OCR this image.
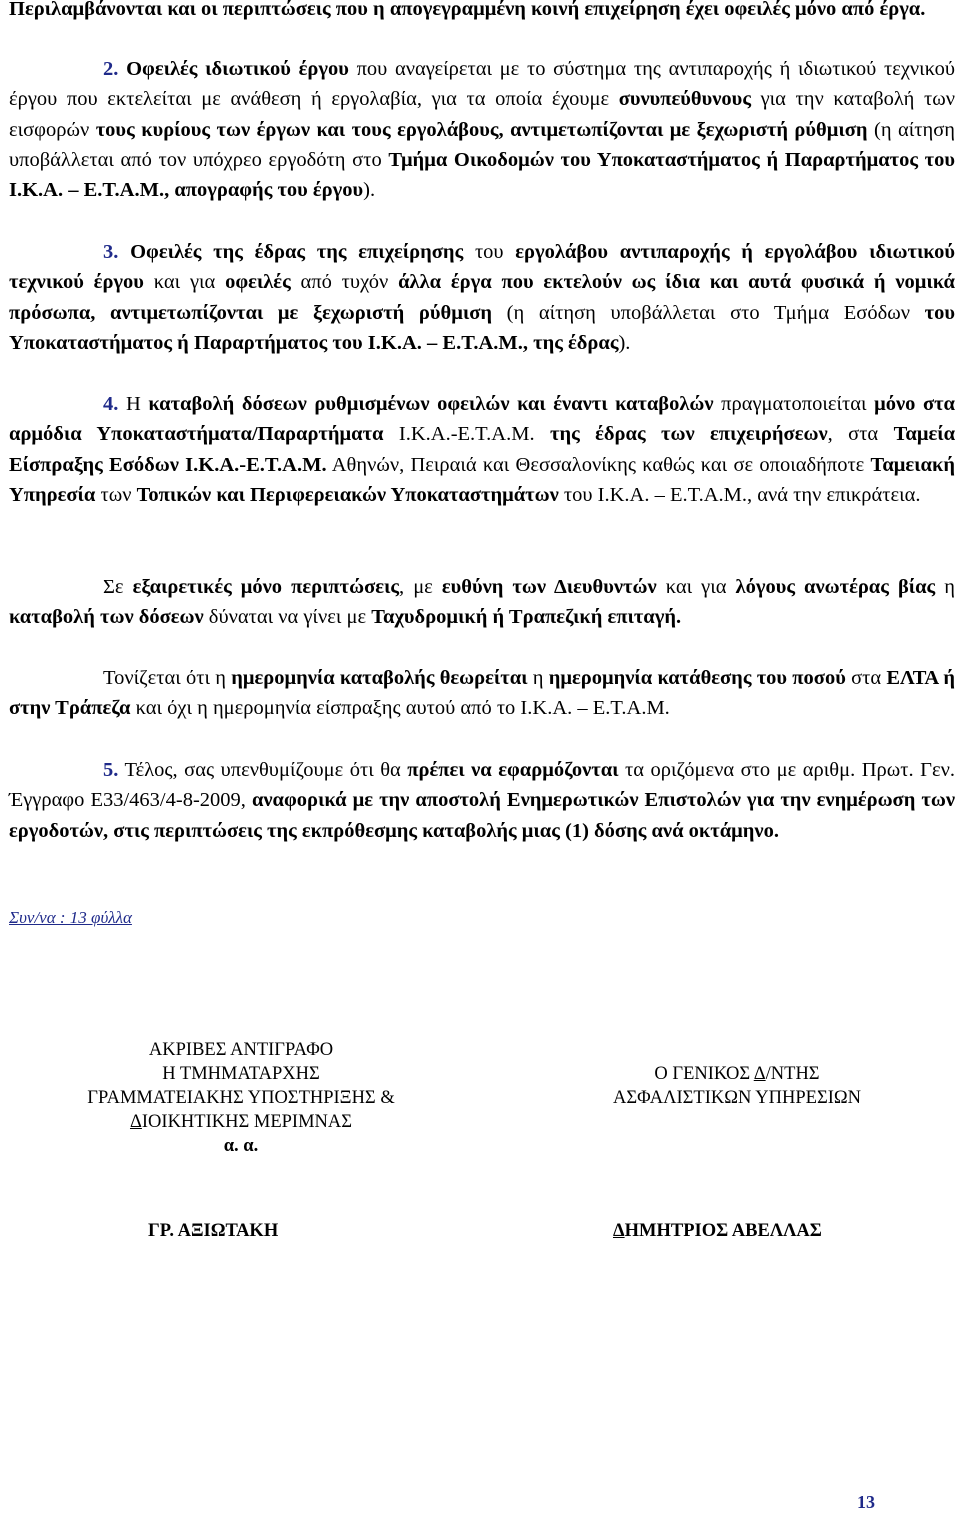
Περιλαμβάνονται και οι περιπτώσεις που η απογεγραμμένη κοινή επιχείρηση έχει οφειλές μόνο από έργα.

2. Οφειλές ιδιωτικού έργου που αναγείρεται με το σύστημα της αντιπαροχής ή ιδιωτικού τεχνικού έργου που εκτελείται με ανάθεση ή εργολαβία, για τα οποία έχουμε συνυπεύθυνους για την καταβολή των εισφορών τους κυρίους των έργων και τους εργολάβους, αντιμετωπίζονται με ξεχωριστή ρύθμιση (η αίτηση υποβάλλεται από τον υπόχρεο εργοδότη στο Τμήμα Οικοδομών του Υποκαταστήματος ή Παραρτήματος του Ι.Κ.Α. – Ε.Τ.Α.Μ., απογραφής του έργου).

3. Οφειλές της έδρας της επιχείρησης του εργολάβου αντιπαροχής ή εργολάβου ιδιωτικού τεχνικού έργου και για οφειλές από τυχόν άλλα έργα που εκτελούν ως ίδια και αυτά φυσικά ή νομικά πρόσωπα, αντιμετωπίζονται με ξεχωριστή ρύθμιση (η αίτηση υποβάλλεται στο Τμήμα Εσόδων του Υποκαταστήματος ή Παραρτήματος του Ι.Κ.Α. – Ε.Τ.Α.Μ., της έδρας).

4. Η καταβολή δόσεων ρυθμισμένων οφειλών και έναντι καταβολών πραγματοποιείται μόνο στα αρμόδια Υποκαταστήματα/Παραρτήματα Ι.Κ.Α.-Ε.Τ.Α.Μ. της έδρας των επιχειρήσεων, στα Ταμεία Είσπραξης Εσόδων Ι.Κ.Α.-Ε.Τ.Α.Μ. Αθηνών, Πειραιά και Θεσσαλονίκης καθώς και σε οποιαδήποτε Ταμειακή Υπηρεσία των Τοπικών και Περιφερειακών Υποκαταστημάτων του Ι.Κ.Α. – Ε.Τ.Α.Μ., ανά την επικράτεια.

Σε εξαιρετικές μόνο περιπτώσεις, με ευθύνη των Διευθυντών και για λόγους ανωτέρας βίας η καταβολή των δόσεων δύναται να γίνει με Ταχυδρομική ή Τραπεζική επιταγή.

Τονίζεται ότι η ημερομηνία καταβολής θεωρείται η ημερομηνία κατάθεσης του ποσού στα ΕΛΤΑ ή στην Τράπεζα και όχι η ημερομηνία είσπραξης αυτού από το Ι.Κ.Α. – Ε.Τ.Α.Μ.

5. Τέλος, σας υπενθυμίζουμε ότι θα πρέπει να εφαρμόζονται τα οριζόμενα στο με αριθμ. Πρωτ. Γεν. Έγγραφο Ε33/463/4-8-2009, αναφορικά με την αποστολή Ενημερωτικών Επιστολών για την ενημέρωση των εργοδοτών, στις περιπτώσεις της εκπρόθεσμης καταβολής μιας (1) δόσης ανά οκτάμηνο.

Συν/να : 13 φύλλα
ΑΚΡΙΒΕΣ ΑΝΤΙΓΡΑΦΟ
Η ΤΜΗΜΑΤΑΡΧΗΣ
ΓΡΑΜΜΑΤΕΙΑΚΗΣ ΥΠΟΣΤΗΡΙΞΗΣ &
ΔΙΟΙΚΗΤΙΚΗΣ ΜΕΡΙΜΝΑΣ
α. α.
Ο ΓΕΝΙΚΟΣ Δ/ΝΤΗΣ
ΑΣΦΑΛΙΣΤΙΚΩΝ ΥΠΗΡΕΣΙΩΝ
ΓΡ. ΑΞΙΩΤΑΚΗ	ΔΗΜΗΤΡΙΟΣ ΑΒΕΛΛΑΣ
13
